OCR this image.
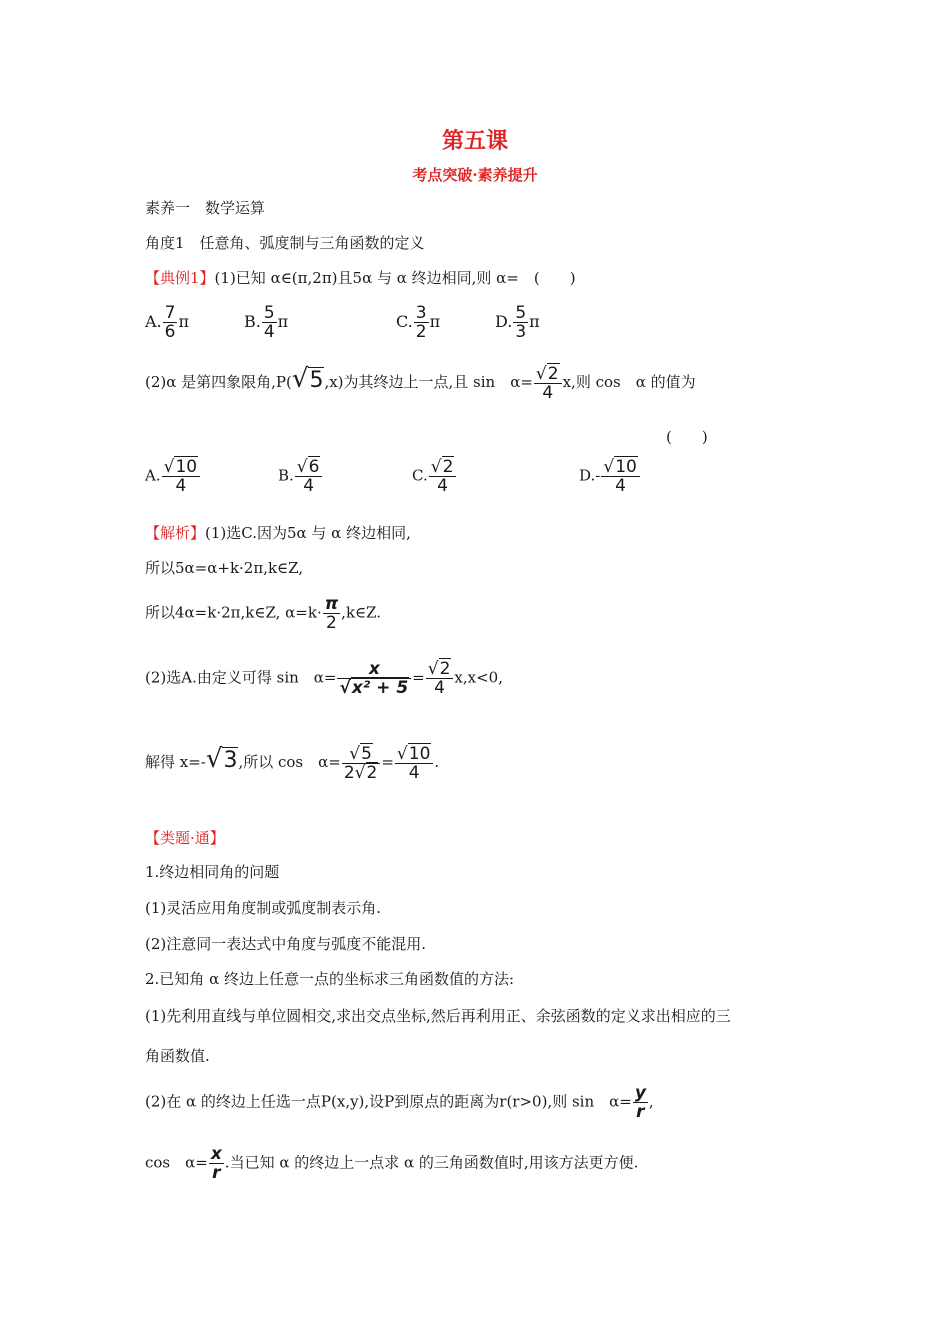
第五课
考点突破·素养提升
素养一　数学运算
角度1　任意角、弧度制与三角函数的定义
【典例1】(1)已知 α∈(π,2π)且5α 与 α 终边相同,则 α=　(　　)
A. $\frac{7}{6}$ π	B. $\frac{5}{4}$ π	C. $\frac{3}{2}$ π	D. $\frac{5}{3}$ π
(2)α 是第四象限角,P(√5,x)为其终边上一点,且 sin　$\alpha= \frac{√2}{4} x$,则 cos　α 的值为
(　　)
A. $\frac{√10}{4}$	B. $\frac{√6}{4}$	C. $\frac{√2}{4}$	$D.- \frac{√10}{4}$
【解析】(1)选C.因为5α 与 α 终边相同,
所以5α=α+k·2π,k∈Z,
所以4α=k·2π,k∈Z, $\alpha=k\cdot \frac{\pi}{2}$ ,k∈Z.
(2)选A.由定义可得 sin　$\alpha= \frac{x}{\text{√x² + 5}} = \frac{√2}{4} x,x<0$,
解得 x=-√3,所以 cos　$\alpha= \frac{√5}{2√2} = \frac{√10}{4}$ .
【类题·通】
1.终边相同角的问题
(1)灵活应用角度制或弧度制表示角.
(2)注意同一表达式中角度与弧度不能混用.
2.已知角 α 终边上任意一点的坐标求三角函数值的方法:
(1)先利用直线与单位圆相交,求出交点坐标,然后再利用正、余弦函数的定义求出相应的三
角函数值.
(2)在 α 的终边上任选一点P(x,y),设P到原点的距离为r(r>0),则 sin　$\alpha= \frac{y}{r}$ ,
cos　$\alpha= \frac{x}{r}$ .当已知 α 的终边上一点求 α 的三角函数值时,用该方法更方便.
